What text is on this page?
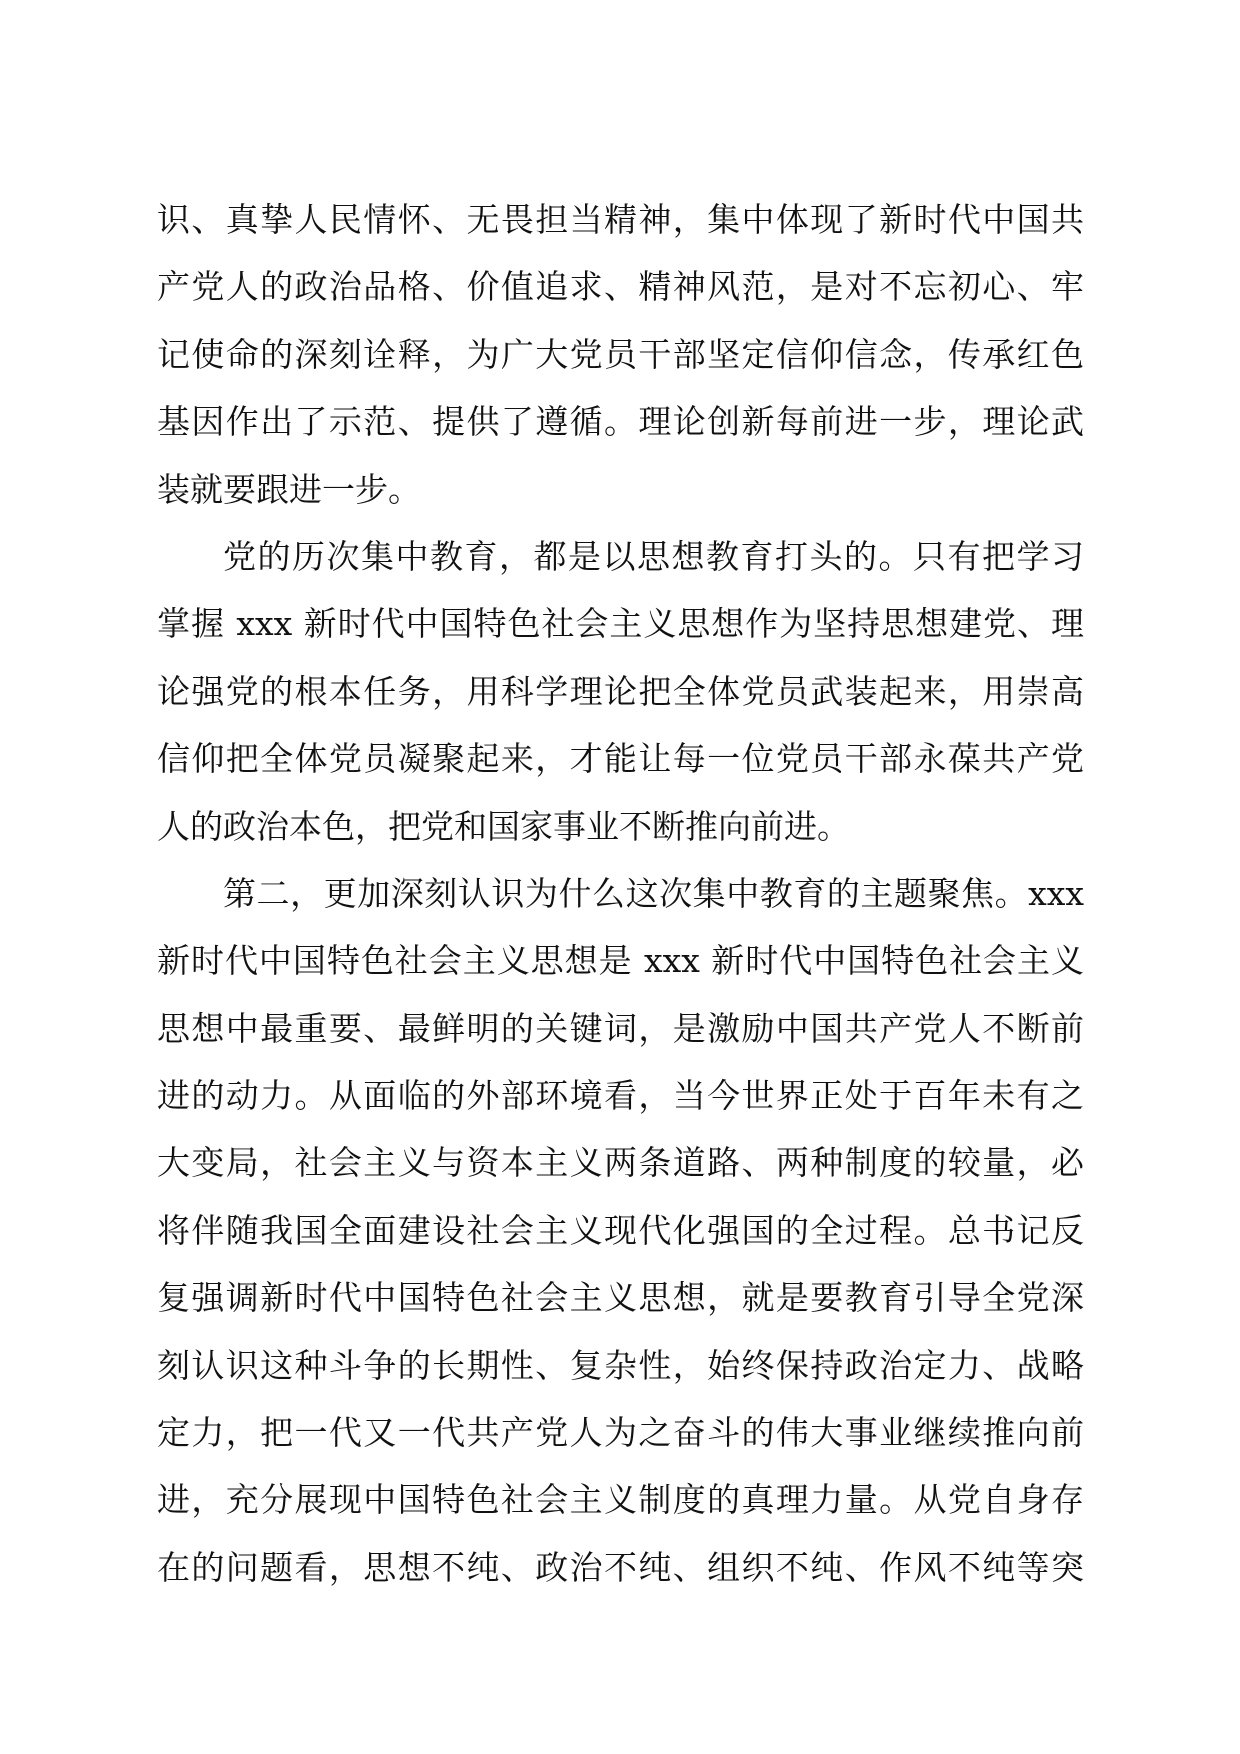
识、真挚人民情怀、无畏担当精神，集中体现了新时代中国共
产党人的政治品格、价值追求、精神风范，是对不忘初心、牢
记使命的深刻诠释，为广大党员干部坚定信仰信念，传承红色
基因作出了示范、提供了遵循。理论创新每前进一步，理论武
装就要跟进一步。
党的历次集中教育，都是以思想教育打头的。只有把学习
掌握 xxx 新时代中国特色社会主义思想作为坚持思想建党、理
论强党的根本任务，用科学理论把全体党员武装起来，用崇高
信仰把全体党员凝聚起来，才能让每一位党员干部永葆共产党
人的政治本色，把党和国家事业不断推向前进。
第二，更加深刻认识为什么这次集中教育的主题聚焦。xxx
新时代中国特色社会主义思想是 xxx 新时代中国特色社会主义
思想中最重要、最鲜明的关键词，是激励中国共产党人不断前
进的动力。从面临的外部环境看，当今世界正处于百年未有之
大变局，社会主义与资本主义两条道路、两种制度的较量，必
将伴随我国全面建设社会主义现代化强国的全过程。总书记反
复强调新时代中国特色社会主义思想，就是要教育引导全党深
刻认识这种斗争的长期性、复杂性，始终保持政治定力、战略
定力，把一代又一代共产党人为之奋斗的伟大事业继续推向前
进，充分展现中国特色社会主义制度的真理力量。从党自身存
在的问题看，思想不纯、政治不纯、组织不纯、作风不纯等突
